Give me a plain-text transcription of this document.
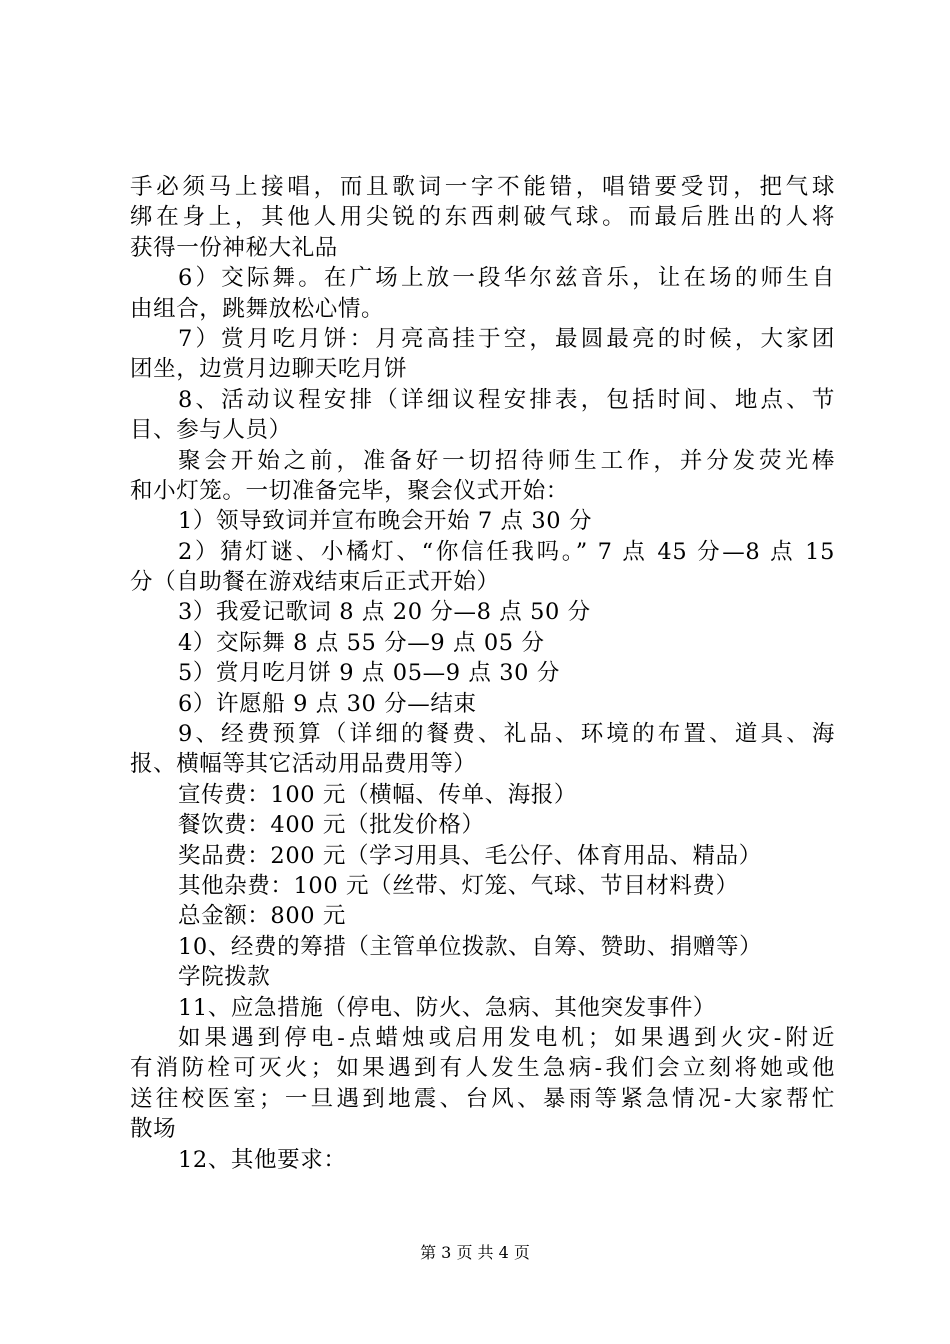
手必须马上接唱，而且歌词一字不能错，唱错要受罚，把气球
绑在身上，其他人用尖锐的东西刺破气球。而最后胜出的人将
获得一份神秘大礼品
6）交际舞。在广场上放一段华尔兹音乐，让在场的师生自
由组合，跳舞放松心情。
7）赏月吃月饼：月亮高挂于空，最圆最亮的时候，大家团
团坐，边赏月边聊天吃月饼
8、活动议程安排（详细议程安排表，包括时间、地点、节
目、参与人员）
聚会开始之前，准备好一切招待师生工作，并分发荧光棒
和小灯笼。一切准备完毕，聚会仪式开始：
1）领导致词并宣布晚会开始 7 点 30 分
2）猜灯谜、小橘灯、“你信任我吗。” 7 点 45 分—8 点 15
分（自助餐在游戏结束后正式开始）
3）我爱记歌词 8 点 20 分—8 点 50 分
4）交际舞 8 点 55 分—9 点 05 分
5）赏月吃月饼 9 点 05—9 点 30 分
6）许愿船 9 点 30 分—结束
9、经费预算（详细的餐费、礼品、环境的布置、道具、海
报、横幅等其它活动用品费用等）
宣传费：100 元（横幅、传单、海报）
餐饮费：400 元（批发价格）
奖品费：200 元（学习用具、毛公仔、体育用品、精品）
其他杂费：100 元（丝带、灯笼、气球、节目材料费）
总金额：800 元
10、经费的筹措（主管单位拨款、自筹、赞助、捐赠等）
学院拨款
11、应急措施（停电、防火、急病、其他突发事件）
如果遇到停电-点蜡烛或启用发电机；如果遇到火灾-附近
有消防栓可灭火；如果遇到有人发生急病-我们会立刻将她或他
送往校医室；一旦遇到地震、台风、暴雨等紧急情况-大家帮忙
散场
12、其他要求：
第 3 页 共 4 页
